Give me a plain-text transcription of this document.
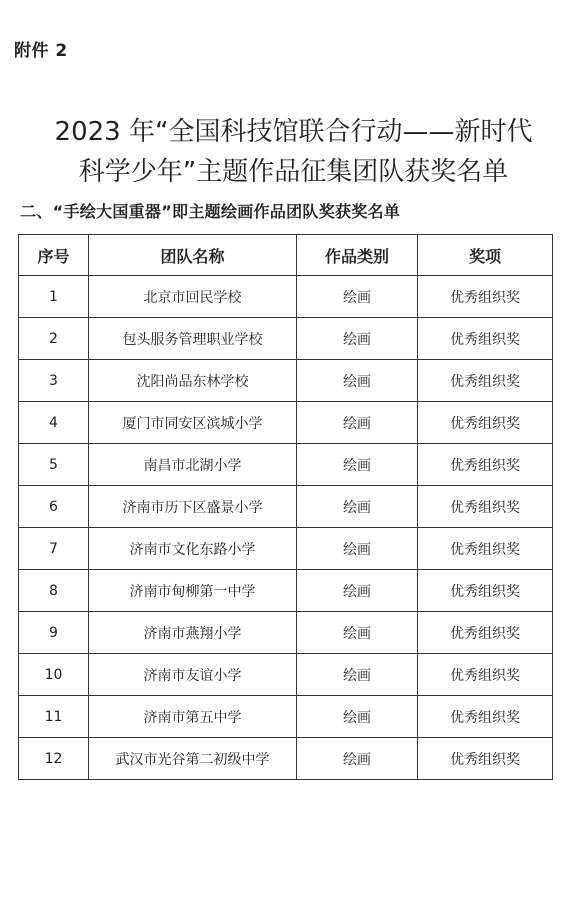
附件 2
2023 年“全国科技馆联合行动——新时代
科学少年”主题作品征集团队获奖名单
二、“手绘大国重器”即主题绘画作品团队奖获奖名单
序号	团队名称	作品类别	奖项
1	北京市回民学校	绘画	优秀组织奖
2	包头服务管理职业学校	绘画	优秀组织奖
3	沈阳尚品东林学校	绘画	优秀组织奖
4	厦门市同安区滨城小学	绘画	优秀组织奖
5	南昌市北湖小学	绘画	优秀组织奖
6	济南市历下区盛景小学	绘画	优秀组织奖
7	济南市文化东路小学	绘画	优秀组织奖
8	济南市甸柳第一中学	绘画	优秀组织奖
9	济南市燕翔小学	绘画	优秀组织奖
10	济南市友谊小学	绘画	优秀组织奖
11	济南市第五中学	绘画	优秀组织奖
12	武汉市光谷第二初级中学	绘画	优秀组织奖
